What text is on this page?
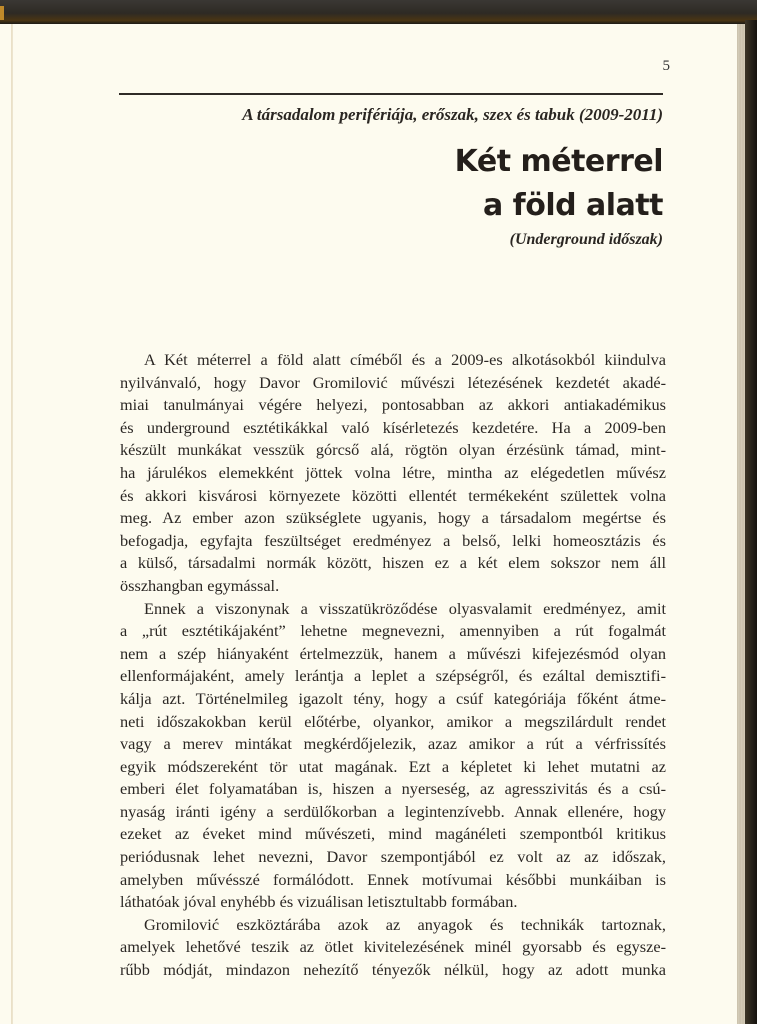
5
A társadalom perifériája, erőszak, szex és tabuk (2009-2011)
Két méterrel
a föld alatt
(Underground időszak)
A Két méterrel a föld alatt címéből és a 2009-es alkotásokból kiindulva
nyilvánvaló, hogy Davor Gromilović művészi létezésének kezdetét akadé-
miai tanulmányai végére helyezi, pontosabban az akkori antiakadémikus
és underground esztétikákkal való kísérletezés kezdetére. Ha a 2009-ben
készült munkákat vesszük górcső alá, rögtön olyan érzésünk támad, mint-
ha járulékos elemekként jöttek volna létre, mintha az elégedetlen művész
és akkori kisvárosi környezete közötti ellentét termékeként születtek volna
meg. Az ember azon szükséglete ugyanis, hogy a társadalom megértse és
befogadja, egyfajta feszültséget eredményez a belső, lelki homeosztázis és
a külső, társadalmi normák között, hiszen ez a két elem sokszor nem áll
összhangban egymással.
Ennek a viszonynak a visszatükröződése olyasvalamit eredményez, amit
a „rút esztétikájaként” lehetne megnevezni, amennyiben a rút fogalmát
nem a szép hiányaként értelmezzük, hanem a művészi kifejezésmód olyan
ellenformájaként, amely lerántja a leplet a szépségről, és ezáltal demisztifi-
kálja azt. Történelmileg igazolt tény, hogy a csúf kategóriája főként átme-
neti időszakokban kerül előtérbe, olyankor, amikor a megszilárdult rendet
vagy a merev mintákat megkérdőjelezik, azaz amikor a rút a vérfrissítés
egyik módszereként tör utat magának. Ezt a képletet ki lehet mutatni az
emberi élet folyamatában is, hiszen a nyerseség, az agresszivitás és a csú-
nyaság iránti igény a serdülőkorban a legintenzívebb. Annak ellenére, hogy
ezeket az éveket mind művészeti, mind magánéleti szempontból kritikus
periódusnak lehet nevezni, Davor szempontjából ez volt az az időszak,
amelyben művésszé formálódott. Ennek motívumai későbbi munkáiban is
láthatóak jóval enyhébb és vizuálisan letisztultabb formában.
Gromilović eszköztárába azok az anyagok és technikák tartoznak,
amelyek lehetővé teszik az ötlet kivitelezésének minél gyorsabb és egysze-
rűbb módját, mindazon nehezítő tényezők nélkül, hogy az adott munka
